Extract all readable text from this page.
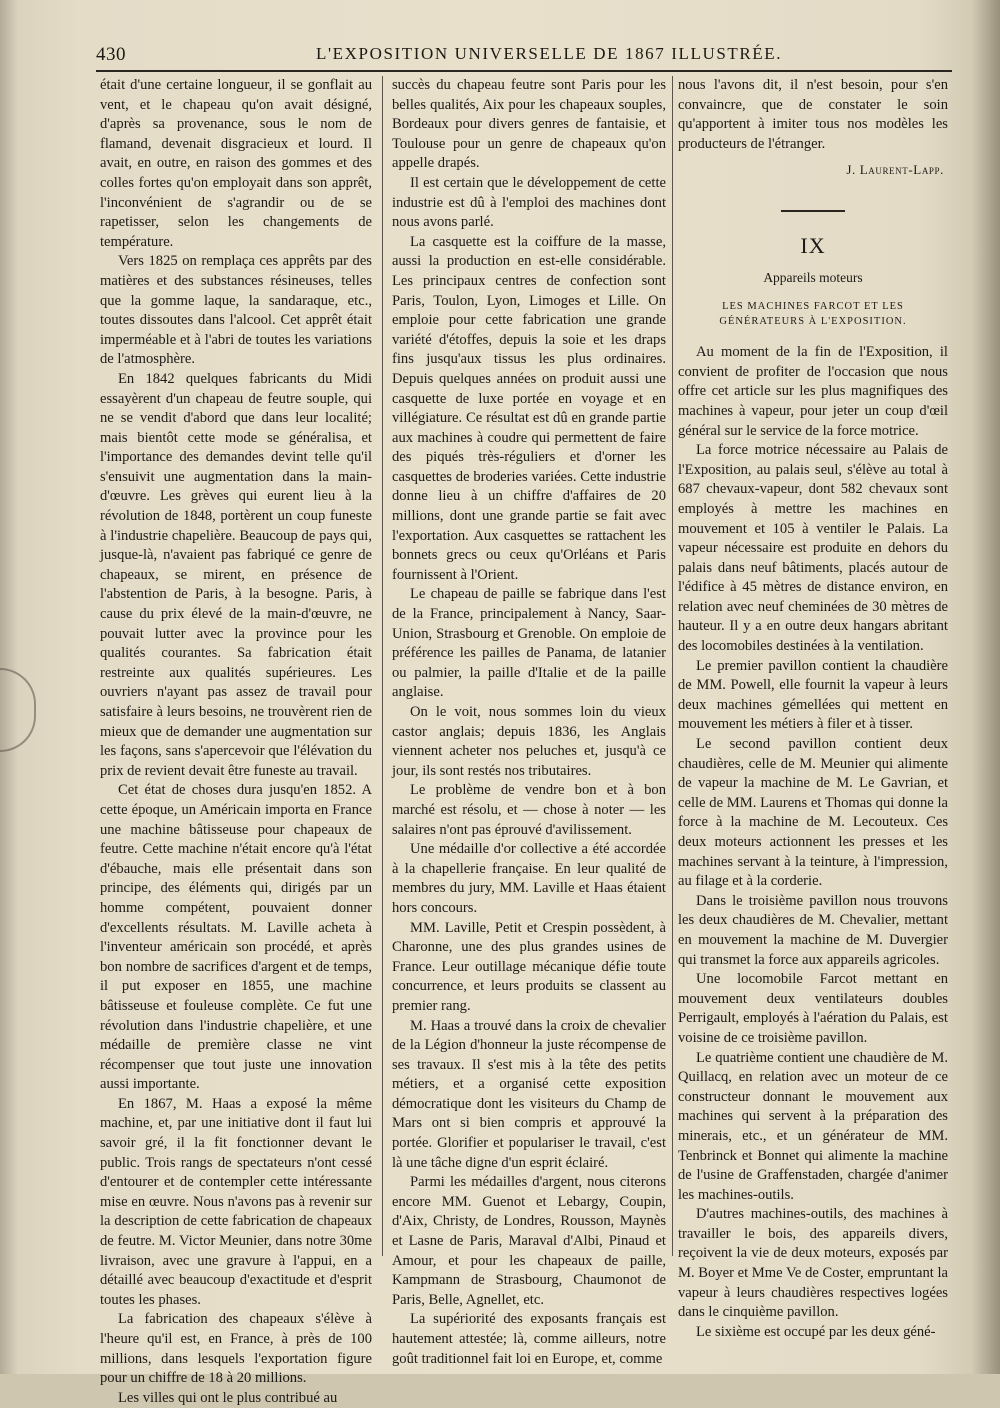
430	L'EXPOSITION UNIVERSELLE DE 1867 ILLUSTRÉE.

était d'une certaine longueur, il se gonflait au vent, et le chapeau qu'on avait désigné, d'après sa provenance, sous le nom de flamand, devenait disgracieux et lourd. Il avait, en outre, en raison des gommes et des colles fortes qu'on employait dans son apprêt, l'inconvénient de s'agrandir ou de se rapetisser, selon les changements de température.

Vers 1825 on remplaça ces apprêts par des matières et des substances résineuses, telles que la gomme laque, la sandaraque, etc., toutes dissoutes dans l'alcool. Cet apprêt était imperméable et à l'abri de toutes les variations de l'atmosphère.

En 1842 quelques fabricants du Midi essayèrent d'un chapeau de feutre souple, qui ne se vendit d'abord que dans leur localité; mais bientôt cette mode se généralisa, et l'importance des demandes devint telle qu'il s'ensuivit une augmentation dans la main-d'œuvre. Les grèves qui eurent lieu à la révolution de 1848, portèrent un coup funeste à l'industrie chapelière. Beaucoup de pays qui, jusque-là, n'avaient pas fabriqué ce genre de chapeaux, se mirent, en présence de l'abstention de Paris, à la besogne. Paris, à cause du prix élevé de la main-d'œuvre, ne pouvait lutter avec la province pour les qualités courantes. Sa fabrication était restreinte aux qualités supérieures. Les ouvriers n'ayant pas assez de travail pour satisfaire à leurs besoins, ne trouvèrent rien de mieux que de demander une augmentation sur les façons, sans s'apercevoir que l'élévation du prix de revient devait être funeste au travail.

Cet état de choses dura jusqu'en 1852. A cette époque, un Américain importa en France une machine bâtisseuse pour chapeaux de feutre. Cette machine n'était encore qu'à l'état d'ébauche, mais elle présentait dans son principe, des éléments qui, dirigés par un homme compétent, pouvaient donner d'excellents résultats. M. Laville acheta à l'inventeur américain son procédé, et après bon nombre de sacrifices d'argent et de temps, il put exposer en 1855, une machine bâtisseuse et fouleuse complète. Ce fut une révolution dans l'industrie chapelière, et une médaille de première classe ne vint récompenser que tout juste une innovation aussi importante.

En 1867, M. Haas a exposé la même machine, et, par une initiative dont il faut lui savoir gré, il la fit fonctionner devant le public. Trois rangs de spectateurs n'ont cessé d'entourer et de contempler cette intéressante mise en œuvre. Nous n'avons pas à revenir sur la description de cette fabrication de chapeaux de feutre. M. Victor Meunier, dans notre 30me livraison, avec une gravure à l'appui, en a détaillé avec beaucoup d'exactitude et d'esprit toutes les phases.

La fabrication des chapeaux s'élève à l'heure qu'il est, en France, à près de 100 millions, dans lesquels l'exportation figure pour un chiffre de 18 à 20 millions.

Les villes qui ont le plus contribué au

succès du chapeau feutre sont Paris pour les belles qualités, Aix pour les chapeaux souples, Bordeaux pour divers genres de fantaisie, et Toulouse pour un genre de chapeaux qu'on appelle drapés.

Il est certain que le développement de cette industrie est dû à l'emploi des machines dont nous avons parlé.

La casquette est la coiffure de la masse, aussi la production en est-elle considérable. Les principaux centres de confection sont Paris, Toulon, Lyon, Limoges et Lille. On emploie pour cette fabrication une grande variété d'étoffes, depuis la soie et les draps fins jusqu'aux tissus les plus ordinaires. Depuis quelques années on produit aussi une casquette de luxe portée en voyage et en villégiature. Ce résultat est dû en grande partie aux machines à coudre qui permettent de faire des piqués très-réguliers et d'orner les casquettes de broderies variées. Cette industrie donne lieu à un chiffre d'affaires de 20 millions, dont une grande partie se fait avec l'exportation. Aux casquettes se rattachent les bonnets grecs ou ceux qu'Orléans et Paris fournissent à l'Orient.

Le chapeau de paille se fabrique dans l'est de la France, principalement à Nancy, Saar-Union, Strasbourg et Grenoble. On emploie de préférence les pailles de Panama, de latanier ou palmier, la paille d'Italie et de la paille anglaise.

On le voit, nous sommes loin du vieux castor anglais; depuis 1836, les Anglais viennent acheter nos peluches et, jusqu'à ce jour, ils sont restés nos tributaires.

Le problème de vendre bon et à bon marché est résolu, et — chose à noter — les salaires n'ont pas éprouvé d'avilissement.

Une médaille d'or collective a été accordée à la chapellerie française. En leur qualité de membres du jury, MM. Laville et Haas étaient hors concours.

MM. Laville, Petit et Crespin possèdent, à Charonne, une des plus grandes usines de France. Leur outillage mécanique défie toute concurrence, et leurs produits se classent au premier rang.

M. Haas a trouvé dans la croix de chevalier de la Légion d'honneur la juste récompense de ses travaux. Il s'est mis à la tête des petits métiers, et a organisé cette exposition démocratique dont les visiteurs du Champ de Mars ont si bien compris et approuvé la portée. Glorifier et populariser le travail, c'est là une tâche digne d'un esprit éclairé.

Parmi les médailles d'argent, nous citerons encore MM. Guenot et Lebargy, Coupin, d'Aix, Christy, de Londres, Rousson, Maynès et Lasne de Paris, Maraval d'Albi, Pinaud et Amour, et pour les chapeaux de paille, Kampmann de Strasbourg, Chaumonot de Paris, Belle, Agnellet, etc.

La supériorité des exposants français est hautement attestée; là, comme ailleurs, notre goût traditionnel fait loi en Europe, et, comme

nous l'avons dit, il n'est besoin, pour s'en convaincre, que de constater le soin qu'apportent à imiter tous nos modèles les producteurs de l'étranger.

J. Laurent-Lapp.
IX
Appareils moteurs
LES MACHINES FARCOT ET LES GÉNÉRATEURS À L'EXPOSITION.

Au moment de la fin de l'Exposition, il convient de profiter de l'occasion que nous offre cet article sur les plus magnifiques des machines à vapeur, pour jeter un coup d'œil général sur le service de la force motrice.

La force motrice nécessaire au Palais de l'Exposition, au palais seul, s'élève au total à 687 chevaux-vapeur, dont 582 chevaux sont employés à mettre les machines en mouvement et 105 à ventiler le Palais. La vapeur nécessaire est produite en dehors du palais dans neuf bâtiments, placés autour de l'édifice à 45 mètres de distance environ, en relation avec neuf cheminées de 30 mètres de hauteur. Il y a en outre deux hangars abritant des locomobiles destinées à la ventilation.

Le premier pavillon contient la chaudière de MM. Powell, elle fournit la vapeur à leurs deux machines gémellées qui mettent en mouvement les métiers à filer et à tisser.

Le second pavillon contient deux chaudières, celle de M. Meunier qui alimente de vapeur la machine de M. Le Gavrian, et celle de MM. Laurens et Thomas qui donne la force à la machine de M. Lecouteux. Ces deux moteurs actionnent les presses et les machines servant à la teinture, à l'impression, au filage et à la corderie.

Dans le troisième pavillon nous trouvons les deux chaudières de M. Chevalier, mettant en mouvement la machine de M. Duvergier qui transmet la force aux appareils agricoles.

Une locomobile Farcot mettant en mouvement deux ventilateurs doubles Perrigault, employés à l'aération du Palais, est voisine de ce troisième pavillon.

Le quatrième contient une chaudière de M. Quillacq, en relation avec un moteur de ce constructeur donnant le mouvement aux machines qui servent à la préparation des minerais, etc., et un générateur de MM. Tenbrinck et Bonnet qui alimente la machine de l'usine de Graffenstaden, chargée d'animer les machines-outils.

D'autres machines-outils, des machines à travailler le bois, des appareils divers, reçoivent la vie de deux moteurs, exposés par M. Boyer et Mme Ve de Coster, empruntant la vapeur à leurs chaudières respectives logées dans le cinquième pavillon.

Le sixième est occupé par les deux géné-
